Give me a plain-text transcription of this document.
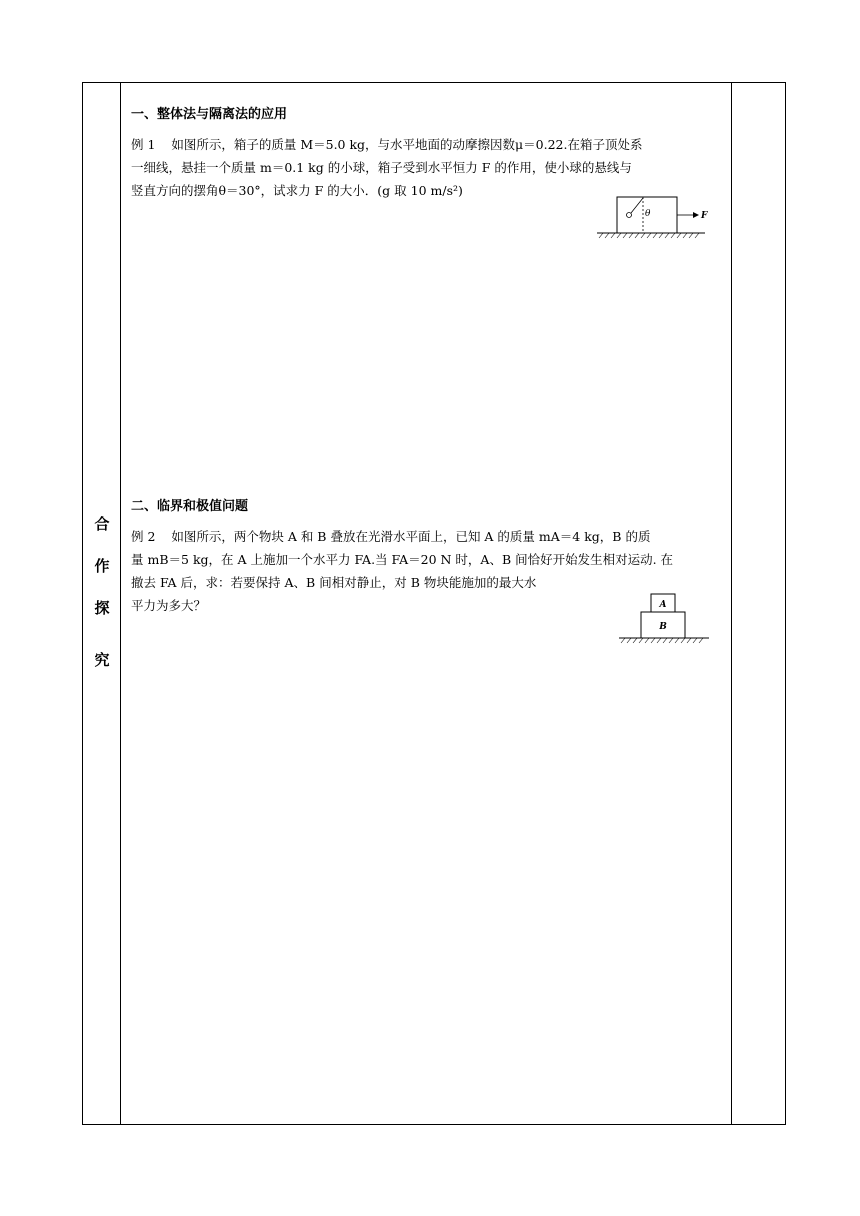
合
作
探
究
一、整体法与隔离法的应用
例 1 如图所示，箱子的质量 M＝5.0 kg，与水平地面的动摩擦因数μ＝0.22.在箱子顶处系
一细线，悬挂一个质量 m＝0.1 kg 的小球，箱子受到水平恒力 F 的作用，使小球的悬线与
竖直方向的摆角θ＝30°，试求力 F 的大小．(g 取 10 m/s²)
θ	F
二、临界和极值问题
例 2 如图所示，两个物块 A 和 B 叠放在光滑水平面上，已知 A 的质量 mA＝4 kg，B 的质
量 mB＝5 kg，在 A 上施加一个水平力 FA.当 FA＝20 N 时，A、B 间恰好开始发生相对运动. 在
撤去 FA 后，求：若要保持 A、B 间相对静止，对 B 物块能施加的最大水
平力为多大？	A
B
